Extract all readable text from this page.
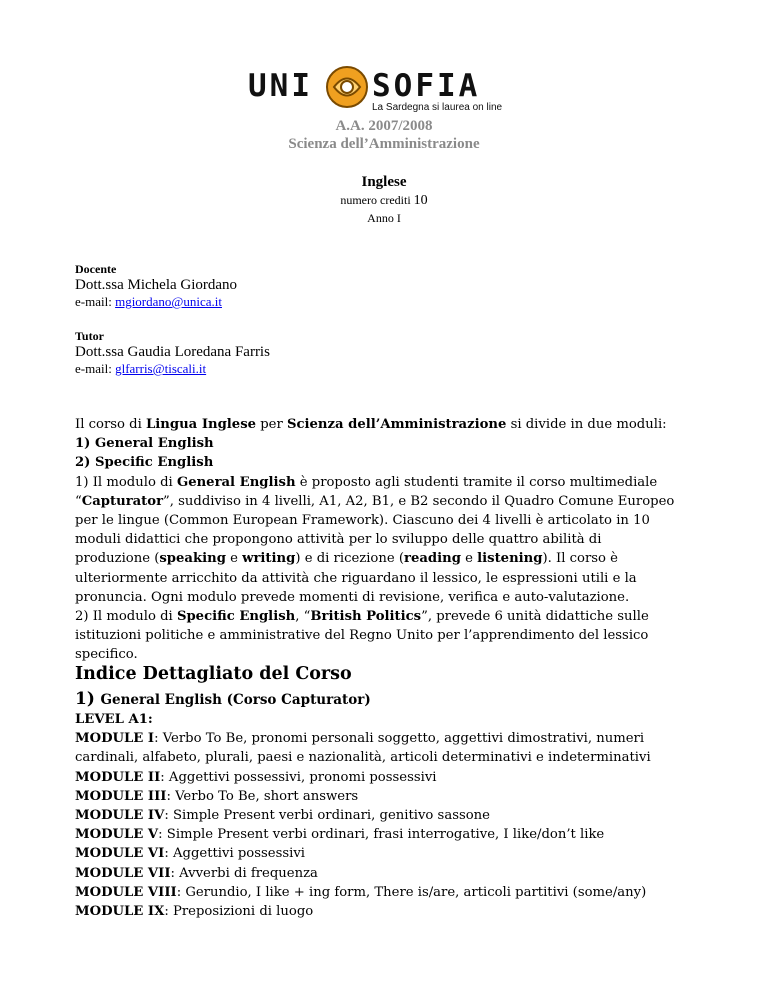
UNI SOFIA
La Sardegna si laurea on line
A.A. 2007/2008
Scienza dell’Amministrazione
Inglese
numero crediti 10
Anno I
Docente
Dott.ssa Michela Giordano
e-mail: mgiordano@unica.it
Tutor
Dott.ssa Gaudia Loredana Farris
e-mail: glfarris@tiscali.it

Il corso di Lingua Inglese per Scienza dell’Amministrazione si divide in due moduli:

1) General English

2) Specific English

1) Il modulo di General English è proposto agli studenti tramite il corso multimediale
“Capturator”, suddiviso in 4 livelli, A1, A2, B1, e B2 secondo il Quadro Comune Europeo
per le lingue (Common European Framework). Ciascuno dei 4 livelli è articolato in 10
moduli didattici che propongono attività per lo sviluppo delle quattro abilità di
produzione (speaking e writing) e di ricezione (reading e listening). Il corso è
ulteriormente arricchito da attività che riguardano il lessico, le espressioni utili e la
pronuncia. Ogni modulo prevede momenti di revisione, verifica e auto-valutazione.

2) Il modulo di Specific English, “British Politics”, prevede 6 unità didattiche sulle
istituzioni politiche e amministrative del Regno Unito per l’apprendimento del lessico
specifico.

Indice Dettagliato del Corso
1) General English (Corso Capturator)
LEVEL A1:
MODULE I: Verbo To Be, pronomi personali soggetto, aggettivi dimostrativi, numeri
cardinali, alfabeto, plurali, paesi e nazionalità, articoli determinativi e indeterminativi
MODULE II: Aggettivi possessivi, pronomi possessivi
MODULE III: Verbo To Be, short answers
MODULE IV: Simple Present verbi ordinari, genitivo sassone
MODULE V: Simple Present verbi ordinari, frasi interrogative, I like/don’t like
MODULE VI: Aggettivi possessivi
MODULE VII: Avverbi di frequenza
MODULE VIII: Gerundio, I like + ing form, There is/are, articoli partitivi (some/any)
MODULE IX: Preposizioni di luogo
